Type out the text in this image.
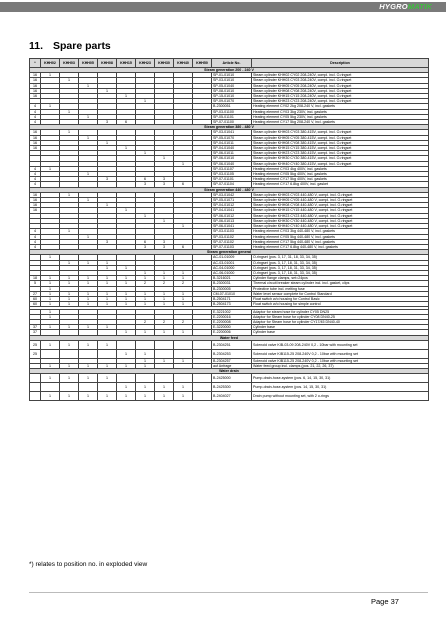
HYGROMATIK
11. Spare parts
*	KHH02	KHH03	KHH05	KHH08	KHH15	KHH23	KHH30	KHH40	KHH50	Article No.	Description
Steam generation 200 - 240 V											
16	1									SP-01-01010	Steam cylinder KHH02 CY02 208-240V, compl. incl. O-ringset
16		1								SP-03-01010	Steam cylinder KHH03 CY03 208-240V, compl. incl. O-ringset
16			1							SP-05-01040	Steam cylinder KHH05 CY05 208-240V, compl. incl. O-ringset
16				1						SP-08-01010	Steam cylinder KHH08 CY08 208-240V, compl. incl. O-ringset
16					1					SP-15-01010	Steam cylinder KHH15 CY15 208-240V, compl. incl. O-ringset
						1				SP-09-01070	Steam cylinder KHH23 CY23 208-240V, compl. incl. O-ringset
4	1									B-2300051	Heating element CY02 2kg 208-240 V, incl. gaskets
4		1								SP-03-01100	Heating element CY03 3kg 230V, incl. gaskets
4			1							SP-05-01101	Heating element CY05 5kg 230V, incl. gaskets
4				3	6					SP-07-01100	Heating element CY17 5kg 208-240 V, incl. gaskets
Steam generation 380 - 480 V											
16		1								SP-03-01041	Steam cylinder KHH03 CY03 380-415V, compl. incl. O-ringset
16			1							SP-05-01070	Steam cylinder KHH05 CY05 380-415V, compl. incl. O-ringset
16				1						SP-04-01011	Steam cylinder KHH08 CY08 380-415V, compl. incl. O-ringset
16					1					SP-04-01040	Steam cylinder KHH15 CY15 380-415V, compl. incl. O-ringset
						1				SP-06-01011	Steam cylinder KHH23 CY23 380-415V, compl. incl. O-ringset
							1			SP-06-01010	Steam cylinder KHH30 CY30 380-415V, compl. incl. O-ringset
								1		SP-06-01040	Steam cylinder KHH40 CY40 380-415V, compl. incl. O-ringset
4	1									SP-03-01107	Heating element CY03 4kg 400V, incl. gaskets
4			1							SP-03-01105	Heating element CY05 5kg 400V, incl. gaskets
4				3		6	3			SP-07-01101	Heating element CY17 5kg 400V, incl. gaskets
4						3	3	6		SP-07-01104	Heating element CY17 6.8kg 400V, incl. gasket
Steam generation 440 - 480 V											
16		1								SP-03-01042	Steam cylinder KHH03 CY03 440-480 V, compl. incl. O-ringset
16			1							SP-05-01071	Steam cylinder KHH05 CY05 440-480 V, compl. incl. O-ringset
16				1						SP-04-01012	Steam cylinder KHH08 CY08 440-480 V, compl. incl. O-ringset
16					1					SP-04-01041	Steam cylinder KHH15 CY15 440-480 V, compl. incl. O-ringset
						1				SP-06-01012	Steam cylinder KHH23 CY23 440-480 V, compl. incl. O-ringset
							1			SP-06-01013	Steam cylinder KHH30 CY30 440-480 V, compl. incl. O-ringset
								1		SP-06-01041	Steam cylinder KHH40 CY40 440-480 V, compl. incl. O-ringset
4		1								SP-03-01103	Heating element CY03 3kg 440-480 V, incl. gaskets
4			1							SP-03-01102	Heating element CY05 5kg 440-480 V, incl. gaskets
4				3		6	3			SP-07-01102	Heating element CY17 5kg 440-480 V, incl. gaskets
4						3	3	6		SP-07-01103	Heating element CY17 6.8kg 440-480 V, incl. gaskets
Steam generation general											
	1									AC-01-01009	O-ringset (pos. 3, 17, 31, 18, 33, 34, 35)
		1	1	1						AC-03-01001	O-ringset (pos. 3, 17, 18, 31, 33, 34, 35)
				1	1					AC-04-01000	O-ringset (pos. 3, 17, 18, 31, 33, 34, 35)
						1	1	1		AC-06-01000	O-ringset (pos. 3, 17, 18, 31, 33, 34, 35)
18	1	1	1	1	1	1	1	1		B-3216021	Cylinder flange clamps, set=24pcs
5	1	1	1	1	1	2	2	2		B-2300031	Thermal circuit breaker steam cylinder incl. incl. gasket, clips
	1									B-2300005	Protective tube incl. melting fuse
27	1	1	1	1	1	1	1	1		CM-07-01010	Water level sensor complete for Control Standard
60	1	1	1	1	1	1	1	1		B-2504171	Float switch w/o housing for Control Basic
60	1	1	1	1	1	1	1	1		B-2504173	Float switch w/o housing for simple control

	1									E-3221002	Adaptor for steam hose for cylinder CY05 DN25
	1									E-2200016	Adaptor for Steam hose for cylinder CY08 DN40-25
						2	2	2		E-2200008	Adaptor for Steam hose for cylinder CY17/45 DN40-40
37	1	1	1	1						E-3220000	Cylinder base
37					1	1	1	1		E-2200006	Cylinder base
Water feed											
25	1	1	1	1						B-2304251	Solenoid valve KIB-03-09 208-240V 0,2 - 10bar with mounting set
25					1	1				B-2304253	Solenoid valve KIB115-25 208-240V 0,2 - 10bar with mounting set
						1	1	1		B-2304257	Solenoid valve KIB115-25 208-240V 0,2 - 10bar with mounting set
	1	1	1	1	1	1				auf Anfrage	Water feed group incl. clamps (pos. 21, 22, 26, 37)
Water drain											
	1	1	1	1						B-2425000	Pump-drain-hose-system (pos. 6, 14, 15, 30, 31)
					1	1	1	1		B-2425300	Pump-drain-hose-system (pos. 14, 15, 30, 31)
	1	1	1	1	1	1	1	1		B-2404027	Drain pump without mounting set, with 2 o-rings
*) relates to position no. in exploded view
Page 37
